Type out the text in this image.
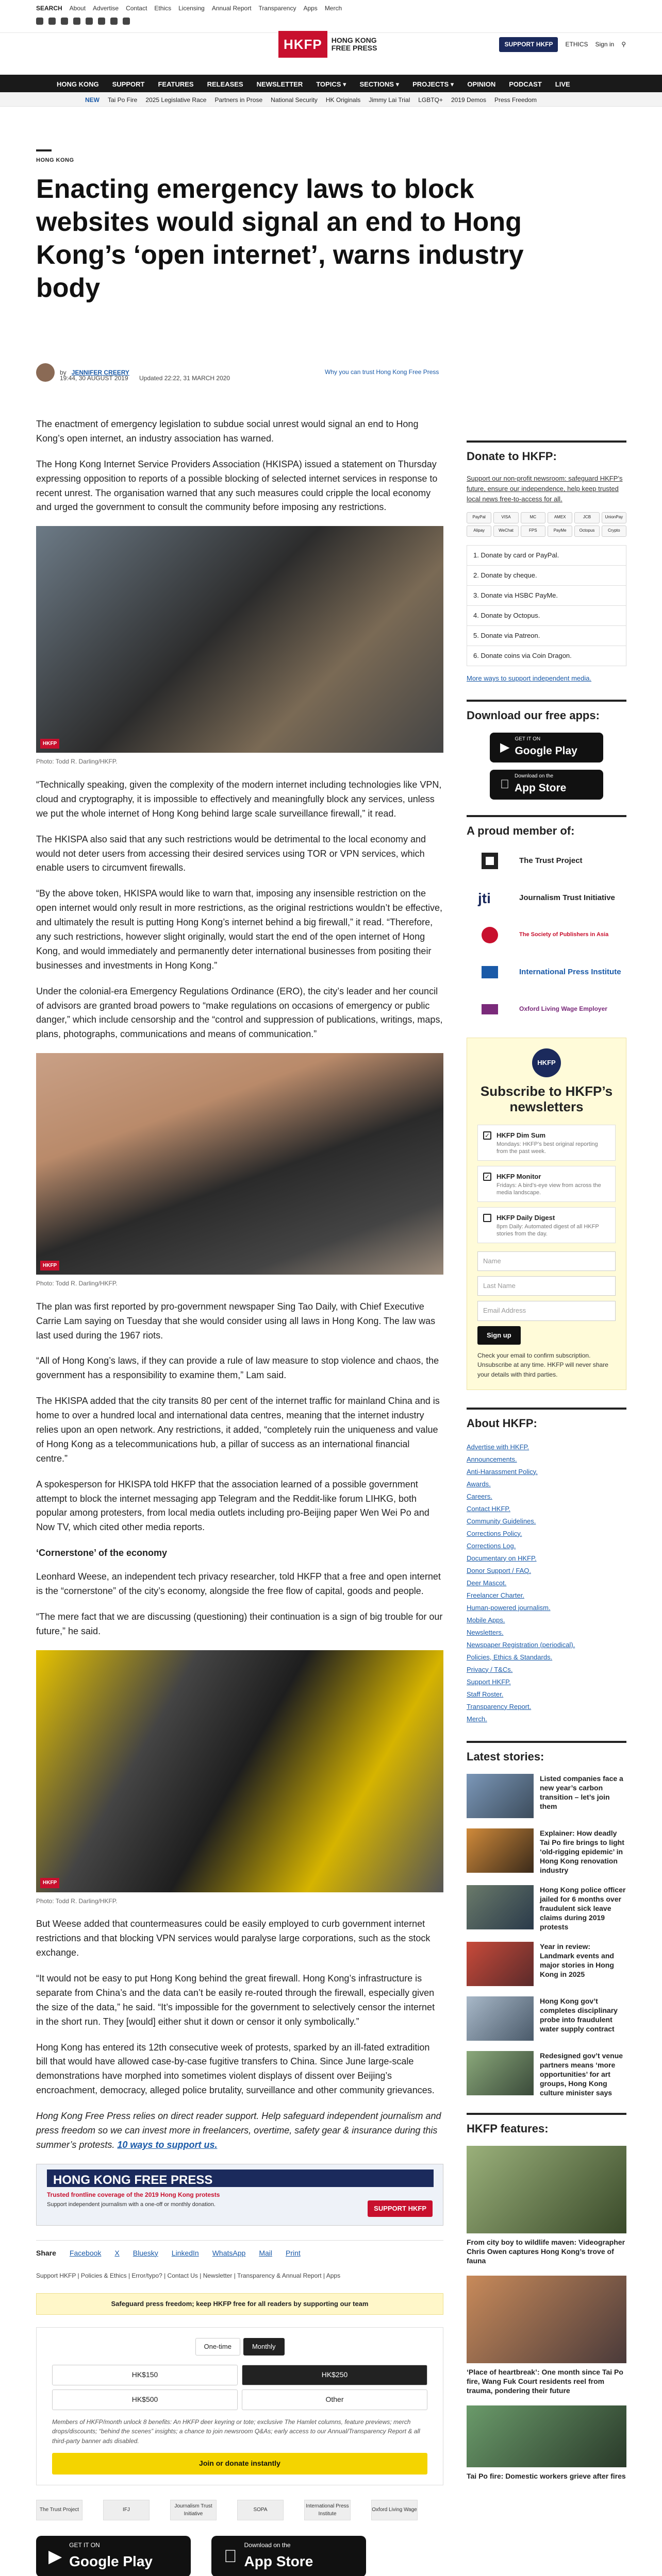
SEARCH About Advertise Contact Ethics Licensing Annual Report Transparency Apps Merch
HKFP	HONG KONG
FREE PRESS	SUPPORT HKFP	ETHICS Sign in ⚲
HONG KONG SUPPORT FEATURES RELEASES NEWSLETTER TOPICS ▾ SECTIONS ▾ PROJECTS ▾ OPINION PODCAST LIVE
NEW Tai Po Fire 2025 Legislative Race Partners in Prose National Security HK Originals Jimmy Lai Trial LGBTQ+ 2019 Demos Press Freedom
HONG KONG
Enacting emergency laws to block websites would signal an end to Hong Kong’s ‘open internet’, warns industry body
by JENNIFER CREERY
19:44, 30 AUGUST 2019 Updated 22:22, 31 MARCH 2020
Why you can trust Hong Kong Free Press

The enactment of emergency legislation to subdue social unrest would signal an end to Hong Kong’s open internet, an industry association has warned.

The Hong Kong Internet Service Providers Association (HKISPA) issued a statement on Thursday expressing opposition to reports of a possible blocking of selected internet services in response to recent unrest. The organisation warned that any such measures could cripple the local economy and urged the government to consult the community before imposing any restrictions.

HKFP
Photo: Todd R. Darling/HKFP.

“Technically speaking, given the complexity of the modern internet including technologies like VPN, cloud and cryptography, it is impossible to effectively and meaningfully block any services, unless we put the whole internet of Hong Kong behind large scale surveillance firewall,” it read.

The HKISPA also said that any such restrictions would be detrimental to the local economy and would not deter users from accessing their desired services using TOR or VPN services, which enable users to circumvent firewalls.

“By the above token, HKISPA would like to warn that, imposing any insensible restriction on the open internet would only result in more restrictions, as the original restrictions wouldn’t be effective, and ultimately the result is putting Hong Kong’s internet behind a big firewall,” it read. “Therefore, any such restrictions, however slight originally, would start the end of the open internet of Hong Kong, and would immediately and permanently deter international businesses from positing their businesses and investments in Hong Kong.”

Under the colonial-era Emergency Regulations Ordinance (ERO), the city’s leader and her council of advisors are granted broad powers to “make regulations on occasions of emergency or public danger,” which include censorship and the “control and suppression of publications, writings, maps, plans, photographs, communications and means of communication.”

HKFP
Photo: Todd R. Darling/HKFP.

The plan was first reported by pro-government newspaper Sing Tao Daily, with Chief Executive Carrie Lam saying on Tuesday that she would consider using all laws in Hong Kong. The law was last used during the 1967 riots.

“All of Hong Kong’s laws, if they can provide a rule of law measure to stop violence and chaos, the government has a responsibility to examine them,” Lam said.

The HKISPA added that the city transits 80 per cent of the internet traffic for mainland China and is home to over a hundred local and international data centres, meaning that the internet industry relies upon an open network. Any restrictions, it added, “completely ruin the uniqueness and value of Hong Kong as a telecommunications hub, a pillar of success as an international financial centre.”

A spokesperson for HKISPA told HKFP that the association learned of a possible government attempt to block the internet messaging app Telegram and the Reddit-like forum LIHKG, both popular among protesters, from local media outlets including pro-Beijing paper Wen Wei Po and Now TV, which cited other media reports.

‘Cornerstone’ of the economy

Leonhard Weese, an independent tech privacy researcher, told HKFP that a free and open internet is the “cornerstone” of the city’s economy, alongside the free flow of capital, goods and people.

“The mere fact that we are discussing (questioning) their continuation is a sign of big trouble for our future,” he said.

HKFP
Photo: Todd R. Darling/HKFP.

But Weese added that countermeasures could be easily employed to curb government internet restrictions and that blocking VPN services would paralyse large corporations, such as the stock exchange.

“It would not be easy to put Hong Kong behind the great firewall. Hong Kong’s infrastructure is separate from China’s and the data can’t be easily re-routed through the firewall, especially given the size of the data,” he said. “It’s impossible for the government to selectively censor the internet in the short run. They [would] either shut it down or censor it only symbolically.”

Hong Kong has entered its 12th consecutive week of protests, sparked by an ill-fated extradition bill that would have allowed case-by-case fugitive transfers to China. Since June large-scale demonstrations have morphed into sometimes violent displays of dissent over Beijing’s encroachment, democracy, alleged police brutality, surveillance and other community grievances.

Hong Kong Free Press relies on direct reader support. Help safeguard independent journalism and press freedom so we can invest more in freelancers, overtime, safety gear & insurance during this summer’s protests. 10 ways to support us.

HONG KONG FREE PRESS
Trusted frontline coverage of the 2019 Hong Kong protests
Support independent journalism with a one-off or monthly donation.	SUPPORT HKFP
Share Facebook X Bluesky LinkedIn WhatsApp Mail Print
Support HKFP | Policies & Ethics | Error/typo? | Contact Us | Newsletter | Transparency & Annual Report | Apps
Safeguard press freedom; keep HKFP free for all readers by supporting our team
One-time	Monthly
HK$150	HK$250
HK$500	Other
Members of HKFP/month unlock 8 benefits: An HKFP deer keyring or tote; exclusive The Hamlet columns, feature previews; merch drops/discounts; “behind the scenes” insights; a chance to join newsroom Q&As; early access to our Annual/Transparency Report & all third-party banner ads disabled.
Join or donate instantly
The Trust Project	IFJ
Journalism Trust Initiative
SOPA
International Press Institute
Oxford Living Wage
▶
GET IT ON
Google Play
Download on the
App Store
Donate to HKFP:
Support our non-profit newsroom: safeguard HKFP’s future, ensure our independence, help keep trusted local news free-to-access for all.
PayPal	VISA	MC	AMEX	JCB	UnionPay
Alipay	WeChat	FPS	PayMe	Octopus	Crypto
1. Donate by card or PayPal.
2. Donate by cheque.
3. Donate via HSBC PayMe.
4. Donate by Octopus.
5. Donate via Patreon.
6. Donate coins via Coin Dragon.
More ways to support independent media.
Download our free apps:
▶
GET IT ON
Google Play
Download on the
App Store
A proud member of:
The Trust Project
jti	Journalism Trust Initiative
The Society of Publishers in Asia
International Press Institute
Oxford Living Wage Employer
HKFP
Subscribe to HKFP’s newsletters
✓ HKFP Dim Sum
Mondays: HKFP’s best original reporting from the past week.
✓ HKFP Monitor
Fridays: A bird’s-eye view from across the media landscape.
HKFP Daily Digest
8pm Daily: Automated digest of all HKFP stories from the day.
Name
Last Name
Email Address
Sign up
Check your email to confirm subscription. Unsubscribe at any time. HKFP will never share your details with third parties.
About HKFP:
Advertise with HKFP.
Announcements.
Anti-Harassment Policy.
Awards.
Careers.
Contact HKFP.
Community Guidelines.
Corrections Policy.
Corrections Log.
Documentary on HKFP.
Donor Support / FAQ.
Deer Mascot.
Freelancer Charter.
Human-powered journalism.
Mobile Apps.
Newsletters.
Newspaper Registration (periodical).
Policies, Ethics & Standards.
Privacy / T&Cs.
Support HKFP.
Staff Roster.
Transparency Report.
Merch.
Latest stories:
Listed companies face a new year’s carbon transition – let’s join them
Explainer: How deadly Tai Po fire brings to light ‘old-rigging epidemic’ in Hong Kong renovation industry
Hong Kong police officer jailed for 6 months over fraudulent sick leave claims during 2019 protests
Year in review: Landmark events and major stories in Hong Kong in 2025
Hong Kong gov’t completes disciplinary probe into fraudulent water supply contract
Redesigned gov’t venue partners means ‘more opportunities’ for art groups, Hong Kong culture minister says
HKFP features:
From city boy to wildlife maven: Videographer Chris Owen captures Hong Kong’s trove of fauna
‘Place of heartbreak’: One month since Tai Po fire, Wang Fuk Court residents reel from trauma, pondering their future
Tai Po fire: Domestic workers grieve after fires
